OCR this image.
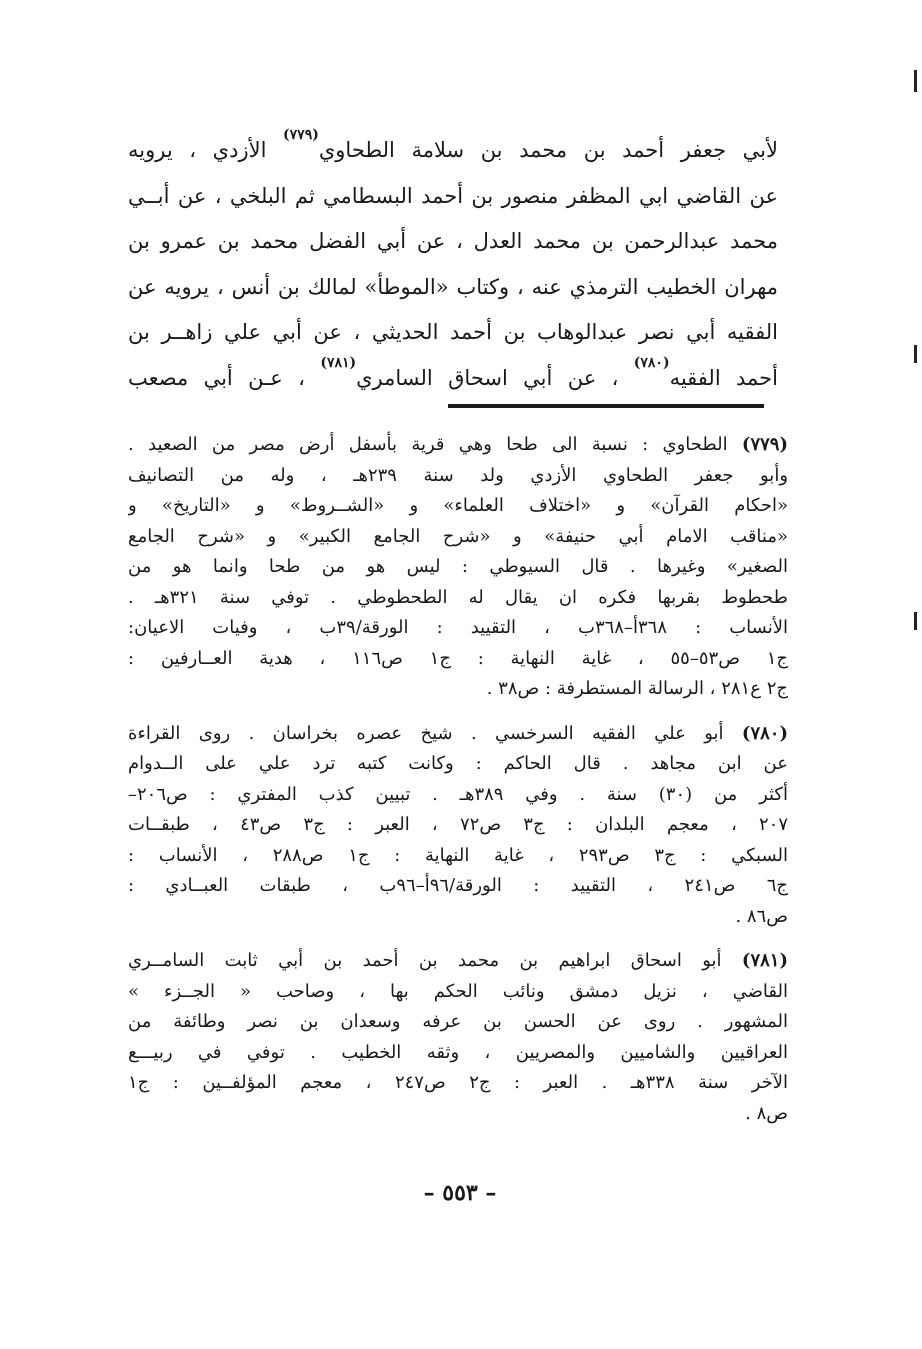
لأبي جعفر أحمد بن محمد بن سلامة الطحاوي$^{(٧٧٩)}$ الأزدي ، يرويه
عن القاضي ابي المظفر منصور بن أحمد البسطامي ثم البلخي ، عن أبــي
محمد عبدالرحمن بن محمد العدل ، عن أبي الفضل محمد بن عمرو بن
مهران الخطيب الترمذي عنه ، وكتاب «الموطأ» لمالك بن أنس ، يرويه عن
الفقيه أبي نصر عبدالوهاب بن أحمد الحديثي ، عن أبي علي زاهــر بن
أحمد الفقيه$^{(٧٨٠)}$ ، عن أبي اسحاق السامري$^{(٧٨١)}$ ، عـن أبي مصعب
(٧٧٩) الطحاوي : نسبة الى طحا وهي قرية بأسفل أرض مصر من الصعيد .
وأبو جعفر الطحاوي الأزدي ولد سنة ٢٣٩هـ ، وله من التصانيف
«احكام القرآن» و «اختلاف العلماء» و «الشــروط» و «التاريخ» و
«مناقب الامام أبي حنيفة» و «شرح الجامع الكبير» و «شرح الجامع
الصغير» وغيرها . قال السيوطي : ليس هو من طحا وانما هو من
طحطوط بقربها فكره ان يقال له الطحطوطي . توفي سنة ٣٢١هـ .
الأنساب : ٣٦٨أ–٣٦٨ب ، التقييد : الورقة/٣٩ب ، وفيات الاعيان:
ج١ ص٥٣–٥٥ ، غاية النهاية : ج١ ص١١٦ ، هدية العــارفين :
ج٢ ع٢٨١ ، الرسالة المستطرفة : ص٣٨ .
(٧٨٠) أبو علي الفقيه السرخسي . شيخ عصره بخراسان . روى القراءة
عن ابن مجاهد . قال الحاكم : وكانت كتبه ترد علي على الــدوام
أكثر من (٣٠) سنة . وفي ٣٨٩هـ . تبيين كذب المفتري : ص٢٠٦–
٢٠٧ ، معجم البلدان : ج٣ ص٧٢ ، العبر : ج٣ ص٤٣ ، طبقــات
السبكي : ج٣ ص٢٩٣ ، غاية النهاية : ج١ ص٢٨٨ ، الأنساب :
ج٦ ص٢٤١ ، التقييد : الورقة/٩٦أ–٩٦ب ، طبقات العبــادي :
ص٨٦ .
(٧٨١) أبو اسحاق ابراهيم بن محمد بن أحمد بن أبي ثابت السامــري
القاضي ، نزيل دمشق ونائب الحكم بها ، وصاحب « الجــزء »
المشهور . روى عن الحسن بن عرفه وسعدان بن نصر وطائفة من
العراقيين والشاميين والمصريين ، وثقه الخطيب . توفي في ربيـــع
الآخر سنة ٣٣٨هـ . العبر : ج٢ ص٢٤٧ ، معجم المؤلفــين : ج١
ص٨ .
– ٥٥٣ –
